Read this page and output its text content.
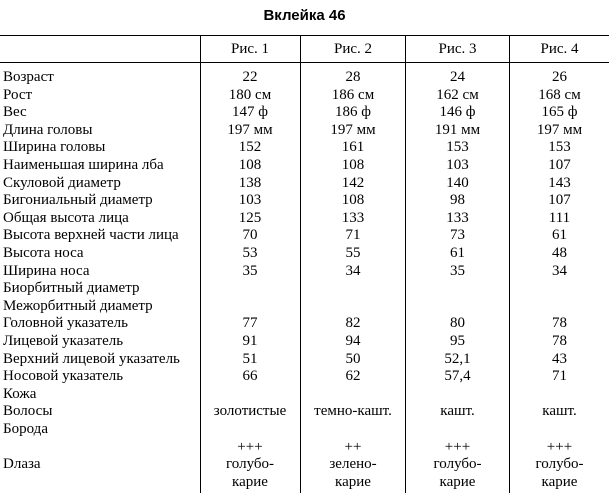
Вклейка 46
Рис. 1	Рис. 2	Рис. 3	Рис. 4
Возраст	22	28	24	26
Рост	180 см	186 см	162 см	168 см
Вес	147 ф	186 ф	146 ф	165 ф
Длина головы	197 мм	197 мм	191 мм	197 мм
Ширина головы	152	161	153	153
Наименьшая ширина лба	108	108	103	107
Скуловой диаметр	138	142	140	143
Бигониальный диаметр	103	108	98	107
Общая высота лица	125	133	133	111
Высота верхней части лица	70	71	73	61
Высота носа	53	55	61	48
Ширина носа	35	34	35	34
Биорбитный диаметр
Межорбитный диаметр
Головной указатель	77	82	80	78
Лицевой указатель	91	94	95	78
Верхний лицевой указатель	51	50	52,1	43
Носовой указатель	66	62	57,4	71
Кожа
Волосы	золотистые	темно-кашт.	кашт.	кашт.
Борода
+++	++	+++	+++
Dлаза	голубо-	зелено-	голубо-	голубо-
карие	карие	карие	карие
